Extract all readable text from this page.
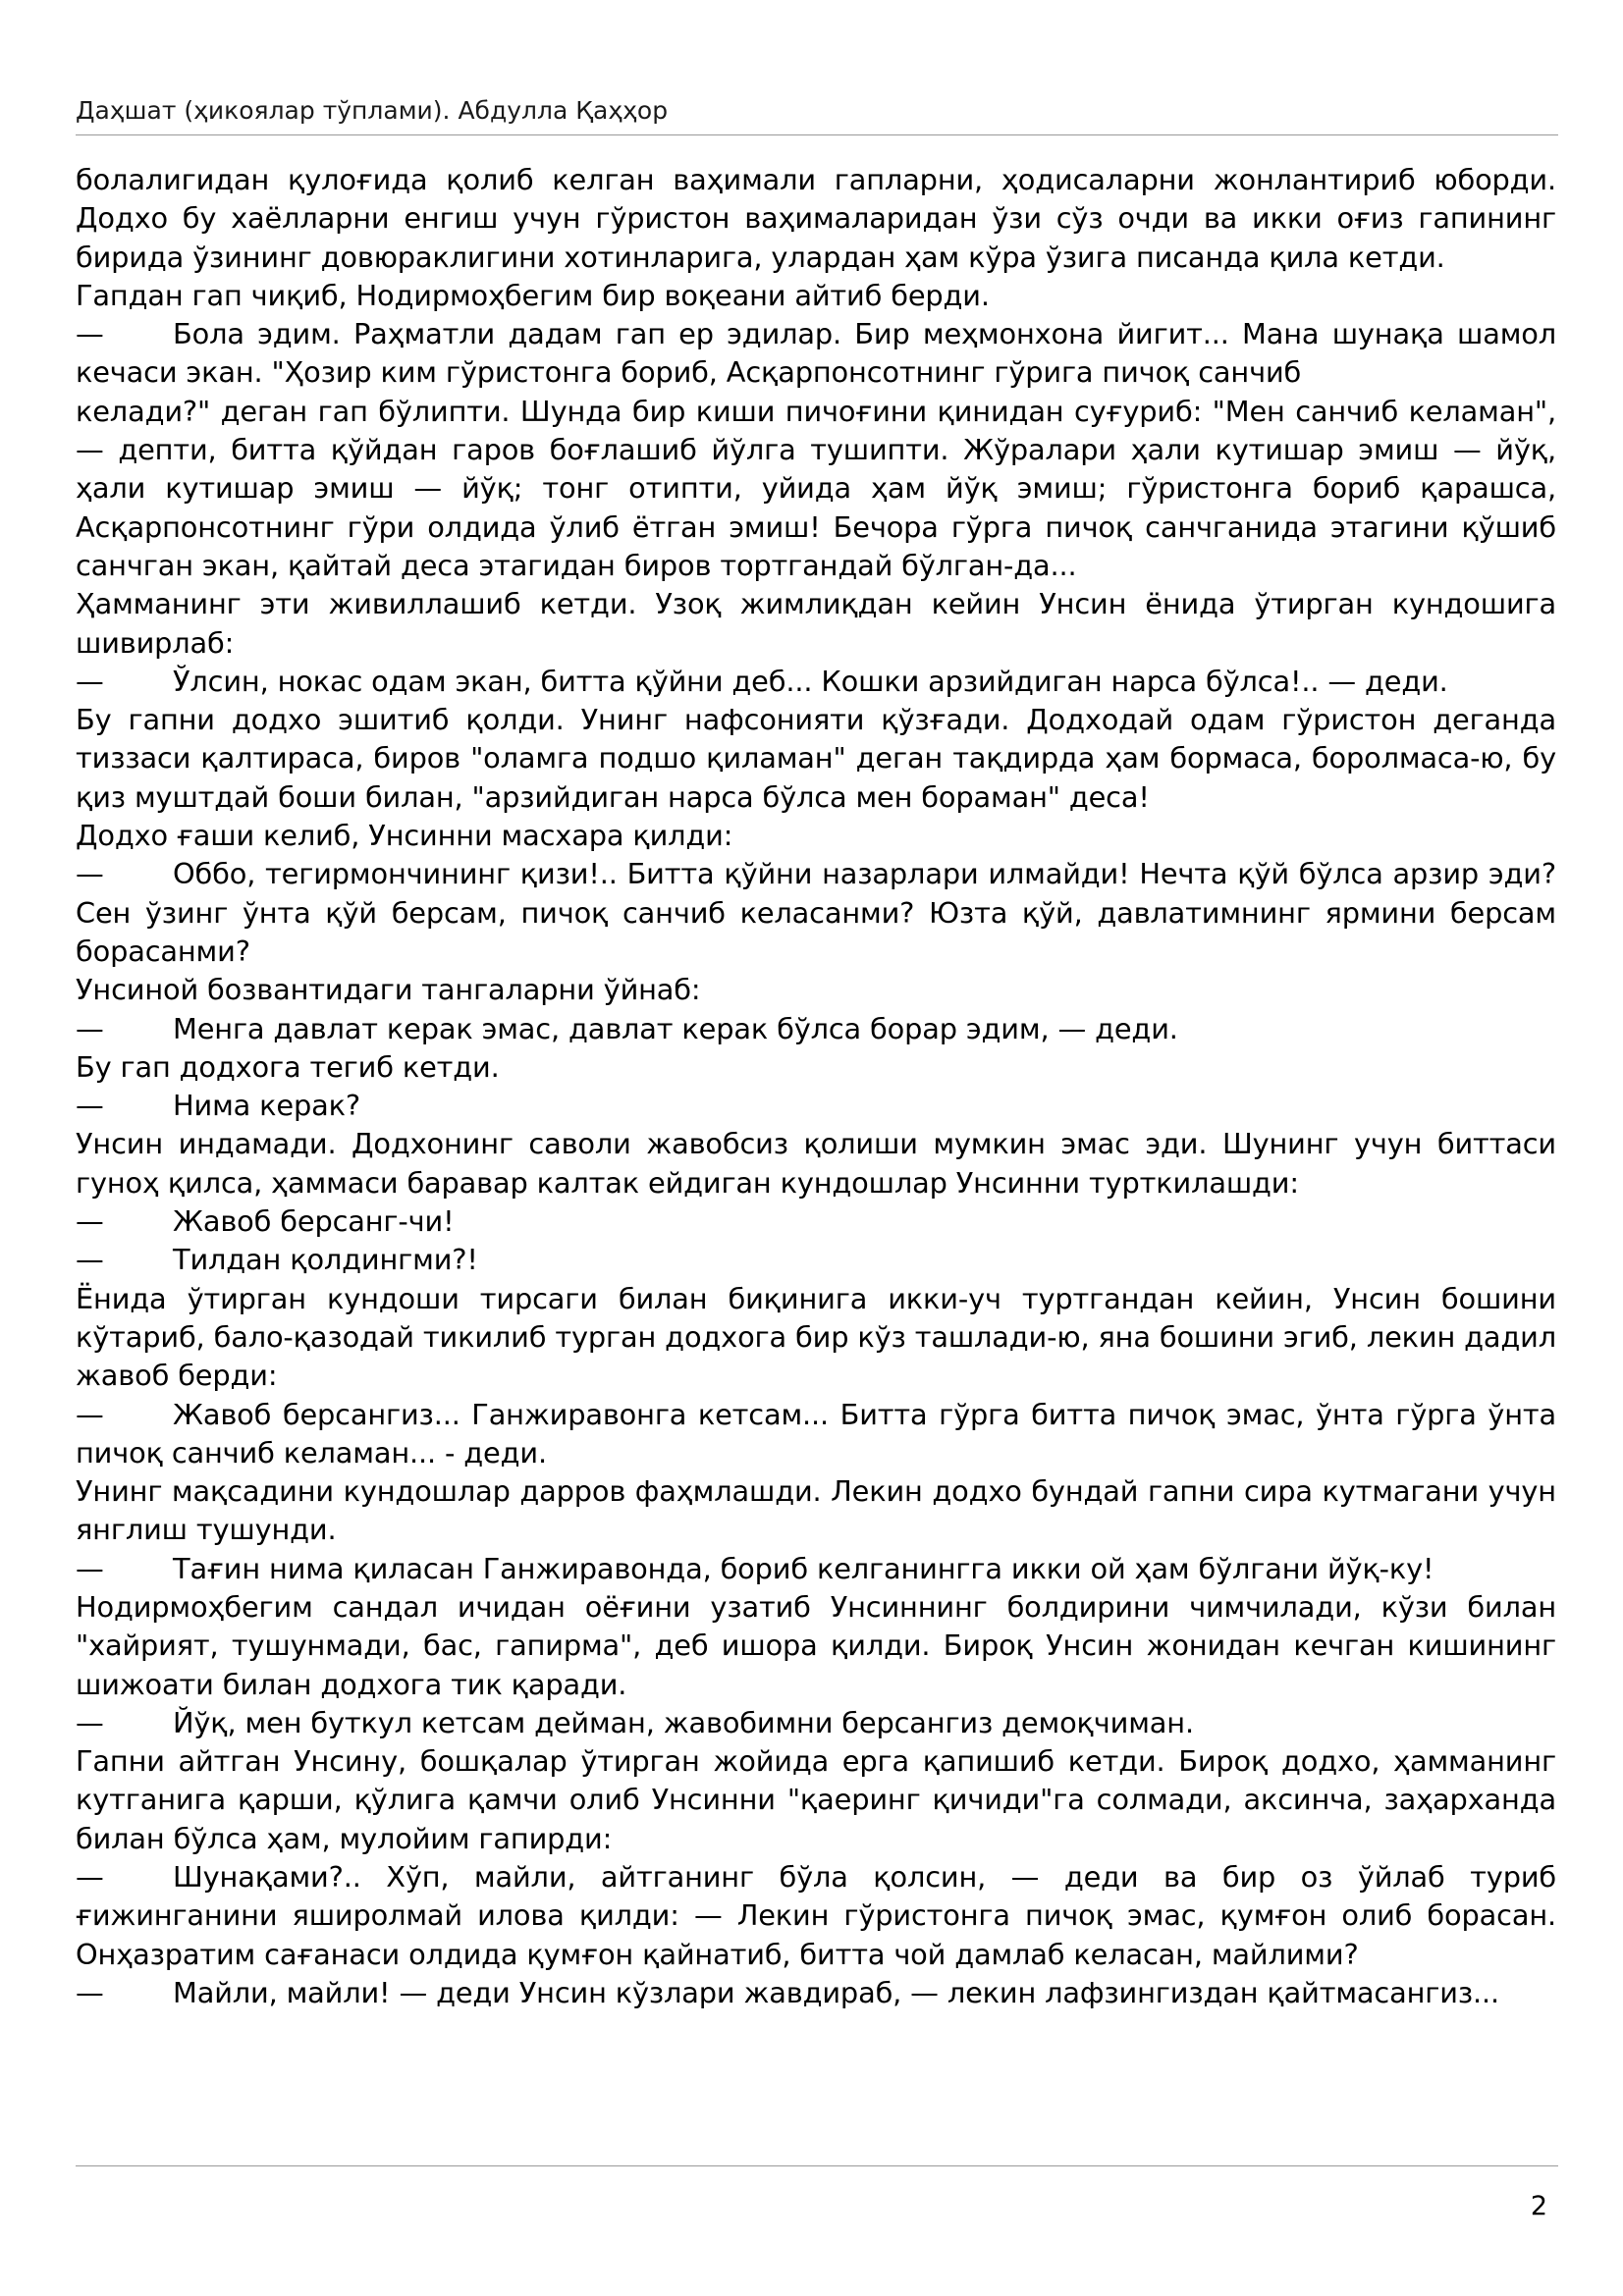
Даҳшат (ҳикоялар тўплами). Абдулла Қаҳҳор

болалигидан қулоғида қолиб келган ваҳимали гапларни, ҳодисаларни жонлантириб юборди. Додхо бу хаёлларни енгиш учун гўристон ваҳималаридан ўзи сўз очди ва икки оғиз гапининг бирида ўзининг довюраклигини хотинларига, улардан ҳам кўра ўзига писанда қила кетди.

Гапдан гап чиқиб, Нодирмоҳбегим бир воқеани айтиб берди.

— Бола эдим. Раҳматли дадам гап ер эдилар. Бир меҳмонхона йигит... Мана шунақа шамол кечаси экан. "Ҳозир ким гўристонга бориб, Асқарпонсотнинг гўрига пичоқ санчиб

келади?" деган гап бўлипти. Шунда бир киши пичоғини қинидан суғуриб: "Мен санчиб келаман",— депти, битта қўйдан гаров боғлашиб йўлга тушипти. Жўралари ҳали кутишар эмиш — йўқ, ҳали кутишар эмиш — йўқ; тонг отипти, уйида ҳам йўқ эмиш; гўристонга бориб қарашса, Асқарпонсотнинг гўри олдида ўлиб ётган эмиш! Бечора гўрга пичоқ санчганида этагини қўшиб санчган экан, қайтай деса этагидан биров тортгандай бўлган-да...

Ҳамманинг эти живиллашиб кетди. Узоқ жимлиқдан кейин Унсин ёнида ўтирган кундошига шивирлаб:

— Ўлсин, нокас одам экан, битта қўйни деб... Кошки арзийдиган нарса бўлса!.. — деди.

Бу гапни додхо эшитиб қолди. Унинг нафсонияти қўзғади. Додходай одам гўристон деганда тиззаси қалтираса, биров "оламга подшо қиламан" деган тақдирда ҳам бормаса, боролмаса-ю, бу қиз муштдай боши билан, "арзийдиган нарса бўлса мен бораман" деса!

Додхо ғаши келиб, Унсинни масхара қилди:

— Оббо, тегирмончининг қизи!.. Битта қўйни назарлари илмайди! Нечта қўй бўлса арзир эди? Сен ўзинг ўнта қўй берсам, пичоқ санчиб келасанми? Юзта қўй, давлатимнинг ярмини берсам борасанми?

Унсиной бозвантидаги тангаларни ўйнаб:

— Менга давлат керак эмас, давлат керак бўлса борар эдим, — деди.

Бу гап додхога тегиб кетди.

— Нима керак?

Унсин индамади. Додхонинг саволи жавобсиз қолиши мумкин эмас эди. Шунинг учун биттаси гуноҳ қилса, ҳаммаси баравар калтак ейдиган кундошлар Унсинни турткилашди:

— Жавоб берсанг-чи!

— Тилдан қолдингми?!

Ёнида ўтирган кундоши тирсаги билан биқинига икки-уч туртгандан кейин, Унсин бошини кўтариб, бало-қазодай тикилиб турган додхога бир кўз ташлади-ю, яна бошини эгиб, лекин дадил жавоб берди:

— Жавоб берсангиз... Ганжиравонга кетсам... Битта гўрга битта пичоқ эмас, ўнта гўрга ўнта пичоқ санчиб келаман... - деди.

Унинг мақсадини кундошлар дарров фаҳмлашди. Лекин додхо бундай гапни сира кутмагани учун янглиш тушунди.

— Тағин нима қиласан Ганжиравонда, бориб келганингга икки ой ҳам бўлгани йўқ-ку!

Нодирмоҳбегим сандал ичидан оёғини узатиб Унсиннинг болдирини чимчилади, кўзи билан "хайрият, тушунмади, бас, гапирма", деб ишора қилди. Бироқ Унсин жонидан кечган кишининг шижоати билан додхога тик қаради.

— Йўқ, мен буткул кетсам дейман, жавобимни берсангиз демоқчиман.

Гапни айтган Унсину, бошқалар ўтирган жойида ерга қапишиб кетди. Бироқ додхо, ҳамманинг кутганига қарши, қўлига қамчи олиб Унсинни "қаеринг қичиди"га солмади, аксинча, заҳарханда билан бўлса ҳам, мулойим гапирди:

— Шунақами?.. Хўп, майли, айтганинг бўла қолсин, — деди ва бир оз ўйлаб туриб ғижинганини яширолмай илова қилди: — Лекин гўристонга пичоқ эмас, қумғон олиб борасан. Онҳазратим сағанаси олдида қумғон қайнатиб, битта чой дамлаб келасан, майлими?

— Майли, майли! — деди Унсин кўзлари жавдираб, — лекин лафзингиздан қайтмасангиз...

2
